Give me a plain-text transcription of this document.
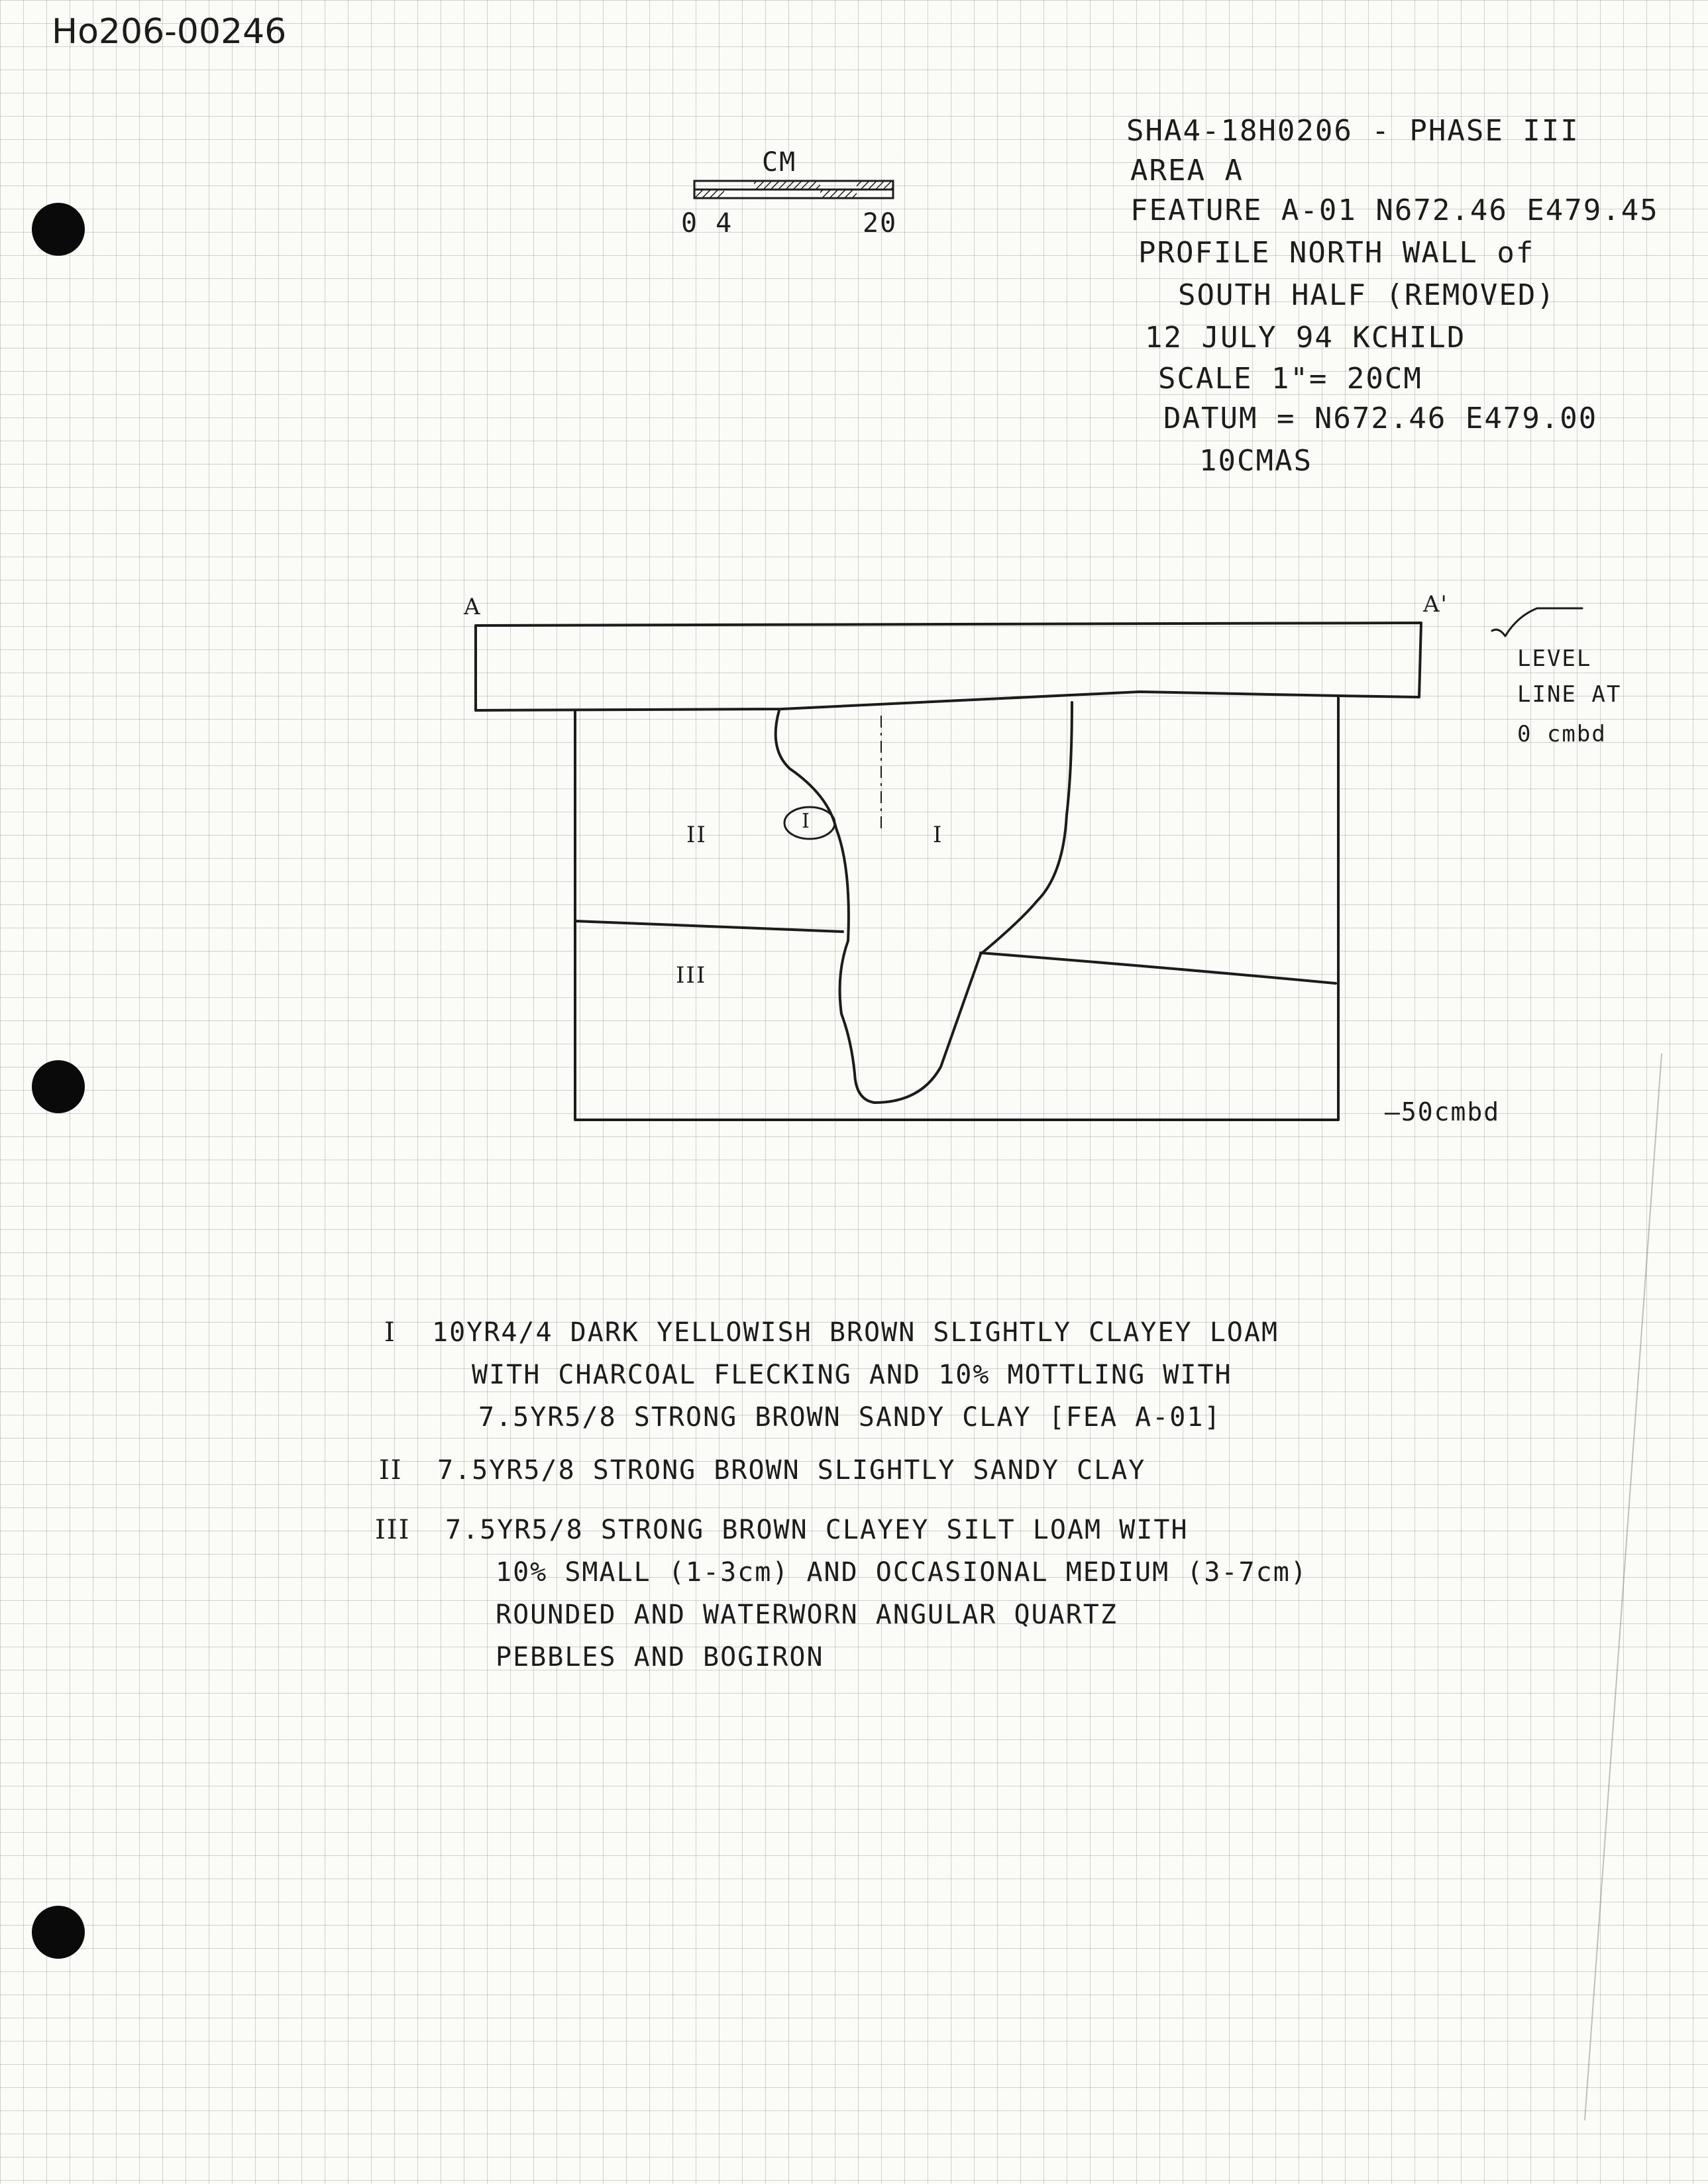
Ho206-00246
SHA4-18H0206 - PHASE III
AREA A
FEATURE A-01 N672.46 E479.45
PROFILE NORTH WALL of
SOUTH HALF (REMOVED)
12 JULY 94 KCHILD
SCALE 1"= 20CM
DATUM = N672.46 E479.00
10CMAS
CM
0 4	20
A	A'
LEVEL
LINE AT
0 cmbd
II
I
I
III
—50cmbd
I 10YR4/4 DARK YELLOWISH BROWN SLIGHTLY CLAYEY LOAM
WITH CHARCOAL FLECKING AND 10% MOTTLING WITH
7.5YR5/8 STRONG BROWN SANDY CLAY [FEA A-01]
II 7.5YR5/8 STRONG BROWN SLIGHTLY SANDY CLAY
III 7.5YR5/8 STRONG BROWN CLAYEY SILT LOAM WITH
10% SMALL (1-3cm) AND OCCASIONAL MEDIUM (3-7cm)
ROUNDED AND WATERWORN ANGULAR QUARTZ
PEBBLES AND BOGIRON
